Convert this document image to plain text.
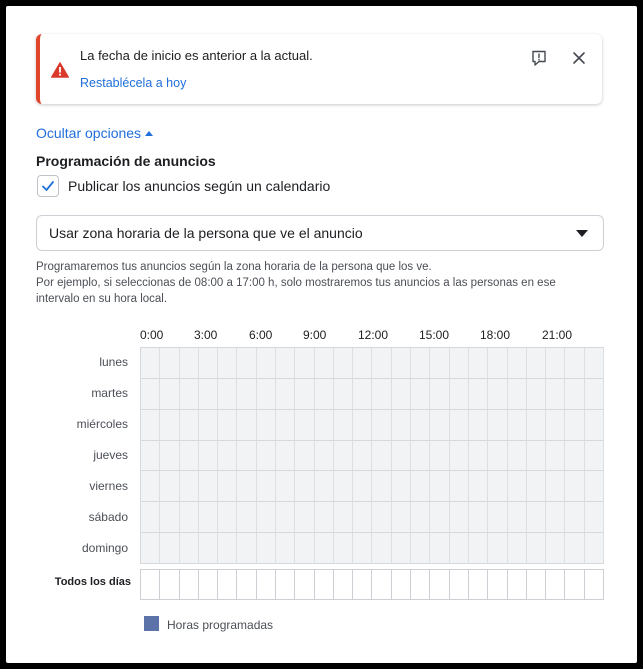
La fecha de inicio es anterior a la actual.
Restablécela a hoy
Ocultar opciones
Programación de anuncios
Publicar los anuncios según un calendario
Usar zona horaria de la persona que ve el anuncio
Programaremos tus anuncios según la zona horaria de la persona que los ve.
Por ejemplo, si seleccionas de 08:00 a 17:00 h, solo mostraremos tus anuncios a las personas en ese intervalo en su hora local.
0:00	3:00	6:00	9:00	12:00	15:00	18:00	21:00
lunes
martes
miércoles
jueves
viernes
sábado
domingo
Todos los días
Horas programadas
